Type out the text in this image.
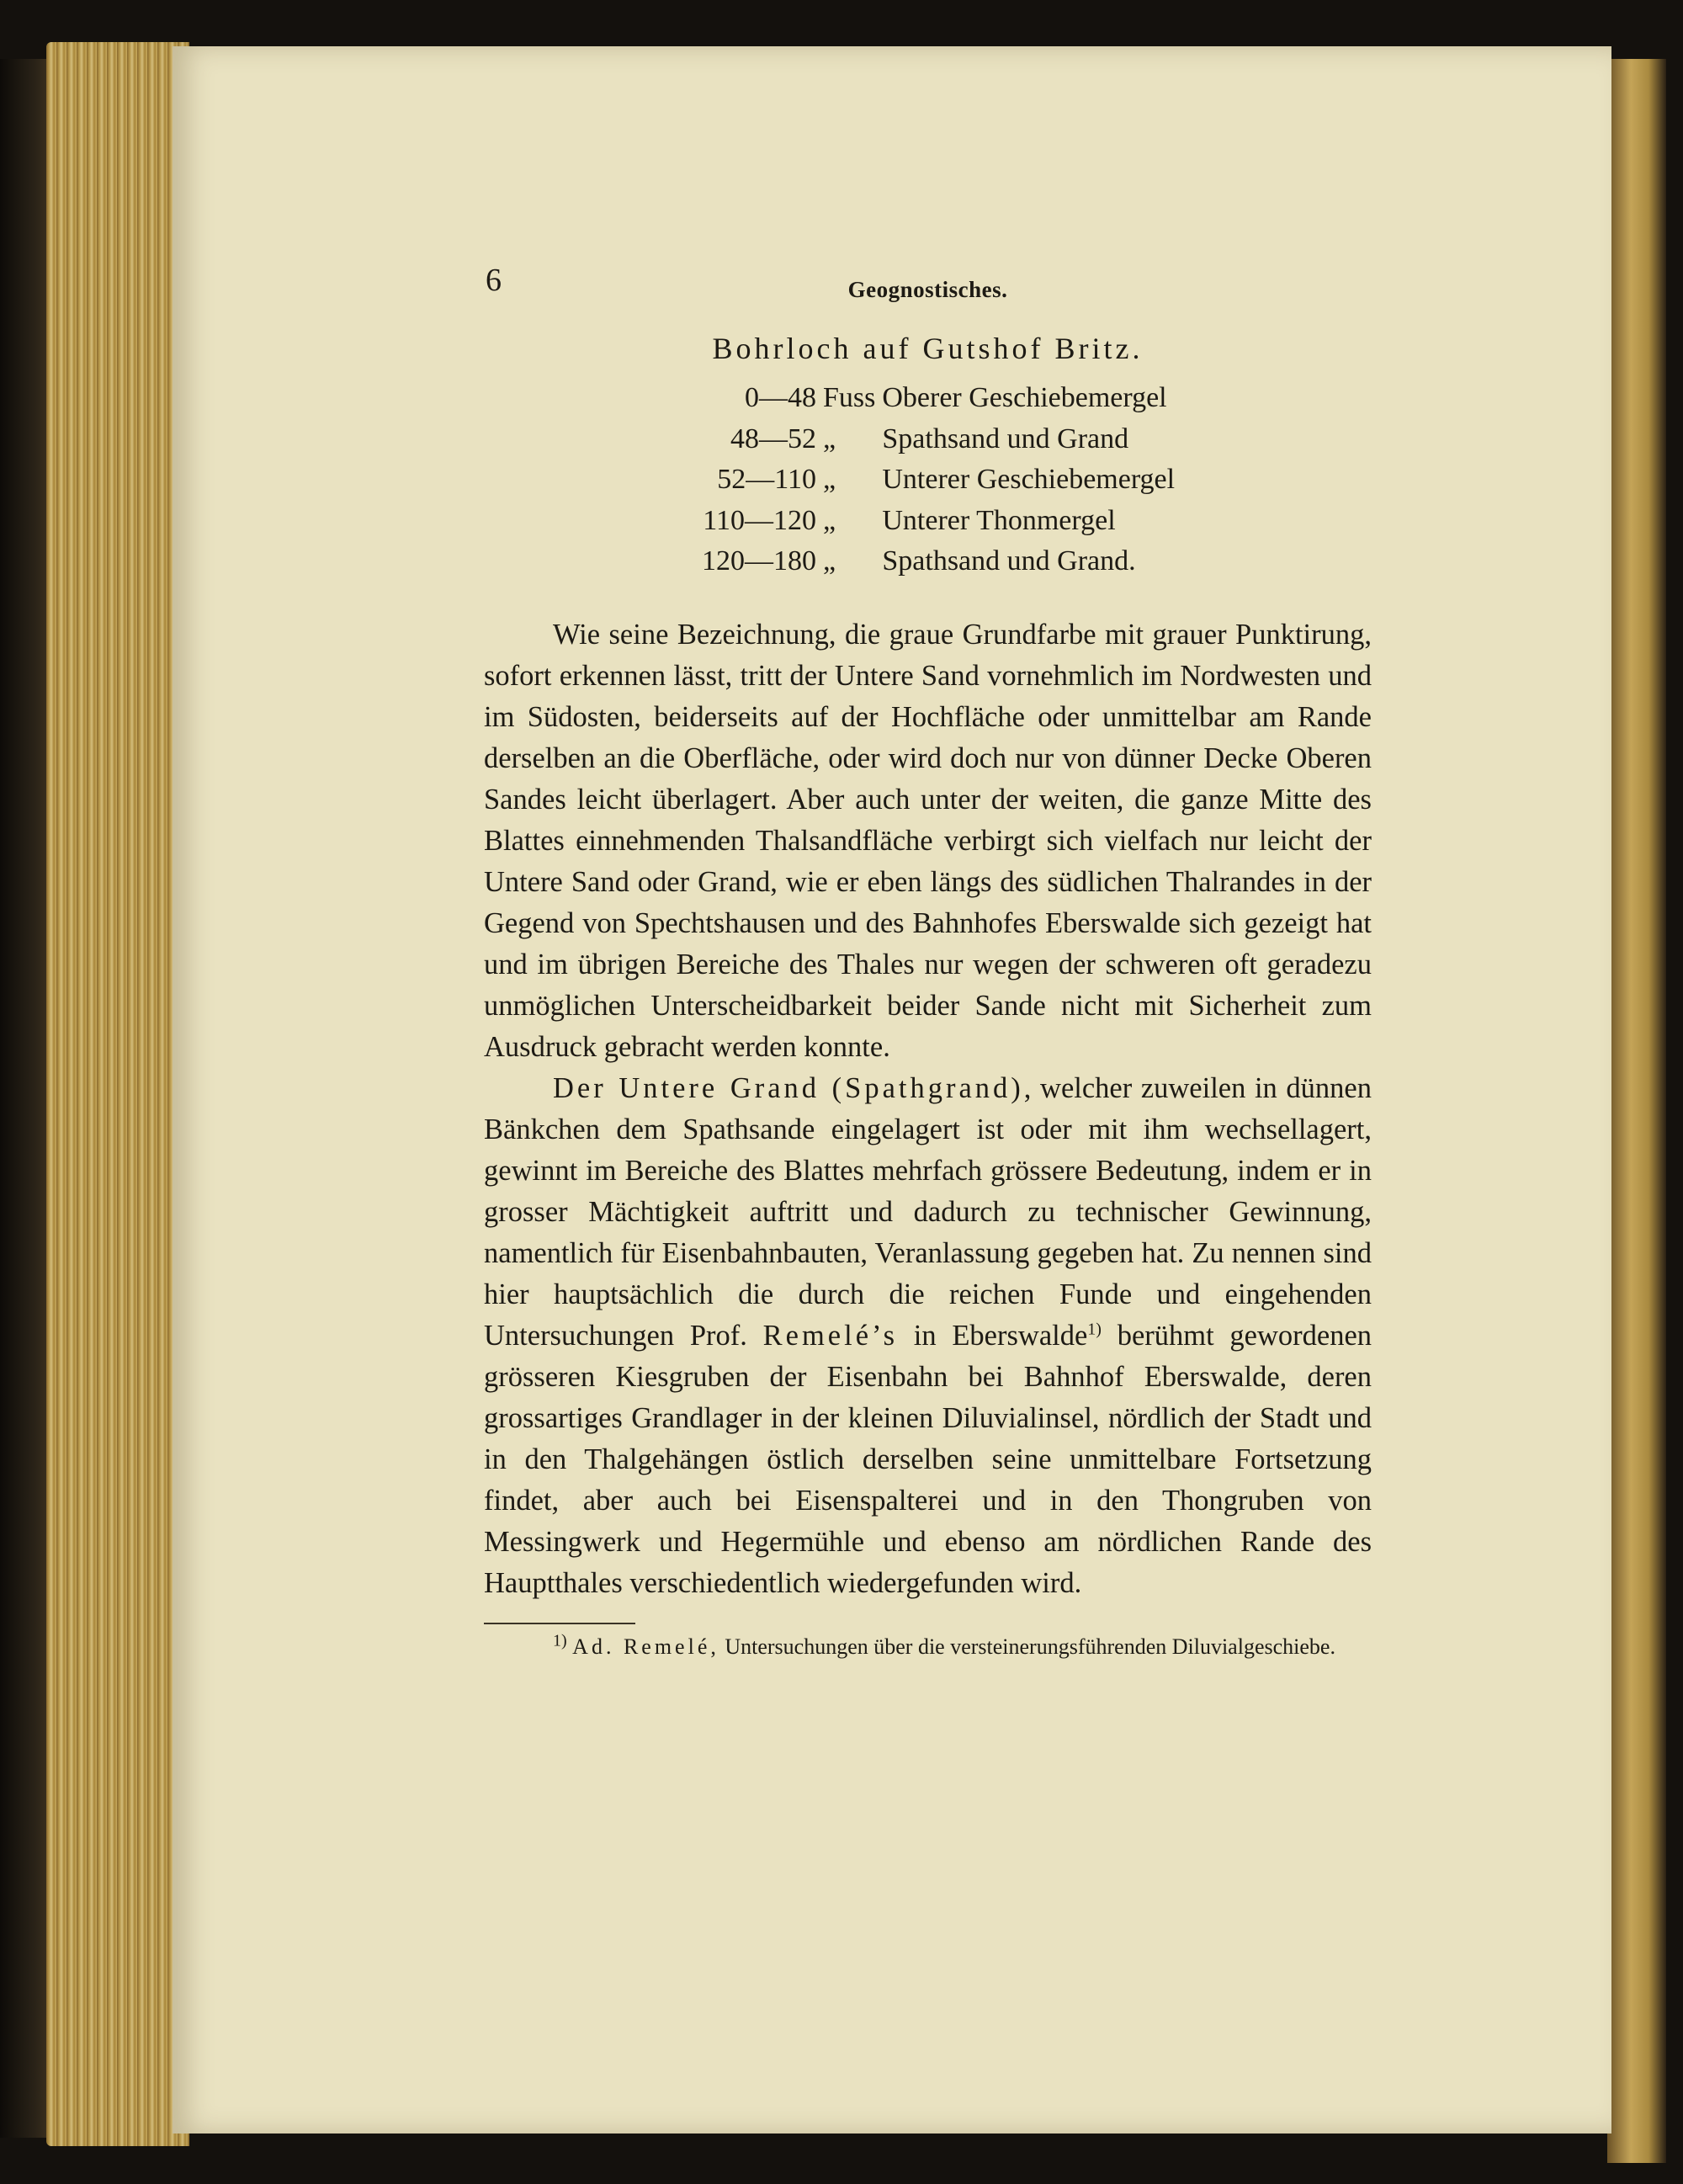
6	Geognostisches.
Bohrloch auf Gutshof Britz.
0—48	Fuss	Oberer Geschiebemergel
48—52	„	Spathsand und Grand
52—110	„	Unterer Geschiebemergel
110—120	„	Unterer Thonmergel
120—180	„	Spathsand und Grand.

Wie seine Bezeichnung, die graue Grundfarbe mit grauer Punktirung, sofort erkennen lässt, tritt der Untere Sand vornehmlich im Nordwesten und im Südosten, beiderseits auf der Hochfläche oder unmittelbar am Rande derselben an die Oberfläche, oder wird doch nur von dünner Decke Oberen Sandes leicht überlagert. Aber auch unter der weiten, die ganze Mitte des Blattes einnehmenden Thalsandfläche verbirgt sich vielfach nur leicht der Untere Sand oder Grand, wie er eben längs des südlichen Thalrandes in der Gegend von Spechtshausen und des Bahnhofes Eberswalde sich gezeigt hat und im übrigen Bereiche des Thales nur wegen der schweren oft geradezu unmöglichen Unterscheidbarkeit beider Sande nicht mit Sicherheit zum Ausdruck gebracht werden konnte.

Der Untere Grand (Spathgrand), welcher zuweilen in dünnen Bänkchen dem Spathsande eingelagert ist oder mit ihm wechsellagert, gewinnt im Bereiche des Blattes mehrfach grössere Bedeutung, indem er in grosser Mächtigkeit auftritt und dadurch zu technischer Gewinnung, namentlich für Eisenbahnbauten, Veranlassung gegeben hat. Zu nennen sind hier hauptsächlich die durch die reichen Funde und eingehenden Untersuchungen Prof. Remelé’s in Eberswalde$^{1)}$ berühmt gewordenen grösseren Kiesgruben der Eisenbahn bei Bahnhof Eberswalde, deren grossartiges Grandlager in der kleinen Diluvialinsel, nördlich der Stadt und in den Thalgehängen östlich derselben seine unmittelbare Fortsetzung findet, aber auch bei Eisenspalterei und in den Thongruben von Messingwerk und Hegermühle und ebenso am nördlichen Rande des Hauptthales verschiedentlich wiedergefunden wird.

$^{1)}$ Ad. Remelé, Untersuchungen über die versteinerungsführenden Diluvialgeschiebe.
